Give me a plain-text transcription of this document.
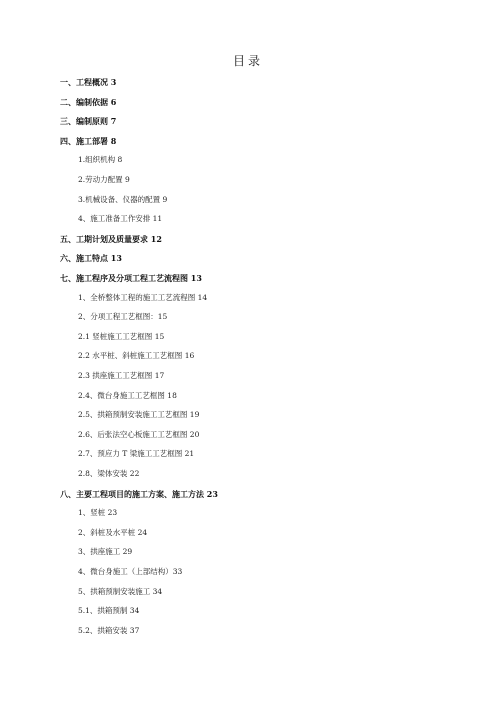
目录
一、工程概况 3
二、编制依据 6
三、编制原则 7
四、施工部署 8
1.组织机构 8
2.劳动力配置 9
3.机械设备、仪器的配置 9
4、施工准备工作安排 11
五、工期计划及质量要求 12
六、施工特点 13
七、施工程序及分项工程工艺流程图 13
1、全桥整体工程的施工工艺流程图 14
2、分项工程工艺框图：15
2.1 竖桩施工工艺框图 15
2.2 水平桩、斜桩施工工艺框图 16
2.3 拱座施工工艺框图 17
2.4、微台身施工工艺框图 18
2.5、拱箱预制安装施工工艺框图 19
2.6、后张法空心板施工工艺框图 20
2.7、预应力 T 梁施工工艺框图 21
2.8、梁体安装 22
八、主要工程项目的施工方案、施工方法 23
1、竖桩 23
2、斜桩及水平桩 24
3、拱座施工 29
4、微台身施工（上部结构）33
5、拱箱预制安装施工 34
5.1、拱箱预制 34
5.2、拱箱安装 37
